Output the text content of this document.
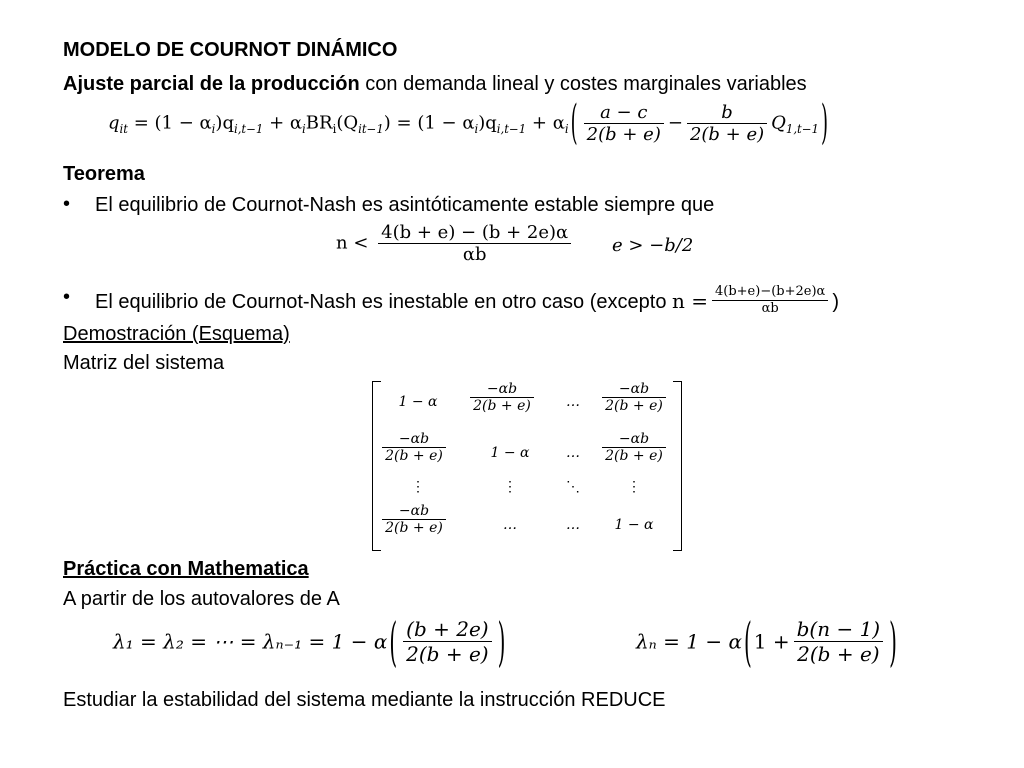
MODELO DE COURNOT DINÁMICO
Ajuste parcial de la producción con demanda lineal y costes marginales variables
$q_{it} = (1 - \alpha_i)q_{i,t-1} + \alpha_iBR_i(Q_{it-1}) = (1 - \alpha_i)q_{i,t-1} + \alpha_i$ ( $\frac{a - c}{2(b + e)} - \frac{b}{2(b + e)} Q_{1,t-1}$ )
Teorema
• El equilibrio de Cournot-Nash es asintóticamente estable siempre que
$n < \frac{4(b + e) - (b + 2e)\alpha}{\alpha b}$ e > −b/2
• El equilibrio de Cournot-Nash es inestable en otro caso (excepto $n = \frac{4(b+e)-(b+2e)\alpha}{\alpha b}$ )
Demostración (Esquema)
Matriz del sistema
1 − α	$\frac{-\alpha b}{2(b + e)}$	…	$\frac{-\alpha b}{2(b + e)}$
$\frac{-\alpha b}{2(b + e)}$	1 − α	…	$\frac{-\alpha b}{2(b + e)}$
⋮	⋮	⋱	⋮
$\frac{-\alpha b}{2(b + e)}$	…	…	1 − α
Práctica con Mathematica
A partir de los autovalores de A
λ₁ = λ₂ = ⋯ = λₙ₋₁ = 1 − α ( $\frac{(b + 2e)}{2(b + e)}$ )	λₙ = 1 − α ( $1 + \frac{b(n - 1)}{2(b + e)}$ )
Estudiar la estabilidad del sistema mediante la instrucción REDUCE
